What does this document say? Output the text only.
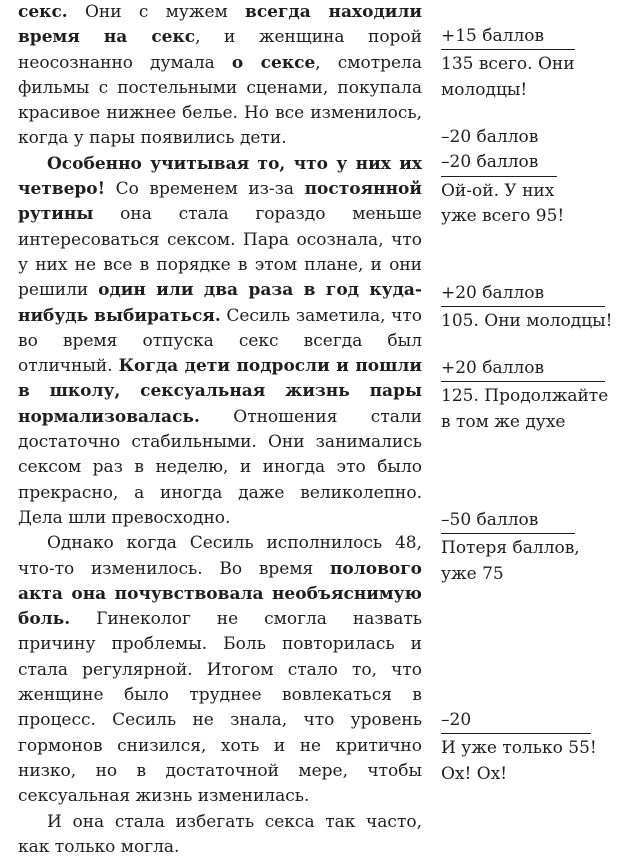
секс. Они с мужем всегда находили время на секс, и женщина порой неосознанно думала о сексе, смотрела фильмы с постельными сценами, покупала красивое нижнее белье. Но все изменилось, когда у пары появились дети.

Особенно учитывая то, что у них их четверо! Со временем из-за постоянной рутины она стала гораздо меньше интересоваться сексом. Пара осознала, что у них не все в порядке в этом плане, и они решили один или два раза в год куда-нибудь выбираться. Сесиль заметила, что во время отпуска секс всегда был отличный. Когда дети подросли и пошли в школу, сексуальная жизнь пары нормализовалась. Отношения стали достаточно стабильными. Они занимались сексом раз в неделю, и иногда это было прекрасно, а иногда даже великолепно. Дела шли превосходно.

Однако когда Сесиль исполнилось 48, что-то изменилось. Во время полового акта она почувствовала необъяснимую боль. Гинеколог не смогла назвать причину проблемы. Боль повторилась и стала регулярной. Итогом стало то, что женщине было труднее вовлекаться в процесс. Сесиль не знала, что уровень гормонов снизился, хоть и не критично низко, но в достаточной мере, чтобы сексуальная жизнь изменилась.

И она стала избегать секса так часто, как только могла.

+15 баллов
135 всего. Они молодцы!
–20 баллов
–20 баллов
Ой-ой. У них уже всего 95!
+20 баллов
105. Они молодцы!
+20 баллов
125. Продолжайте в том же духе
–50 баллов
Потеря баллов, уже 75
–20
И уже только 55! Ох! Ох!
